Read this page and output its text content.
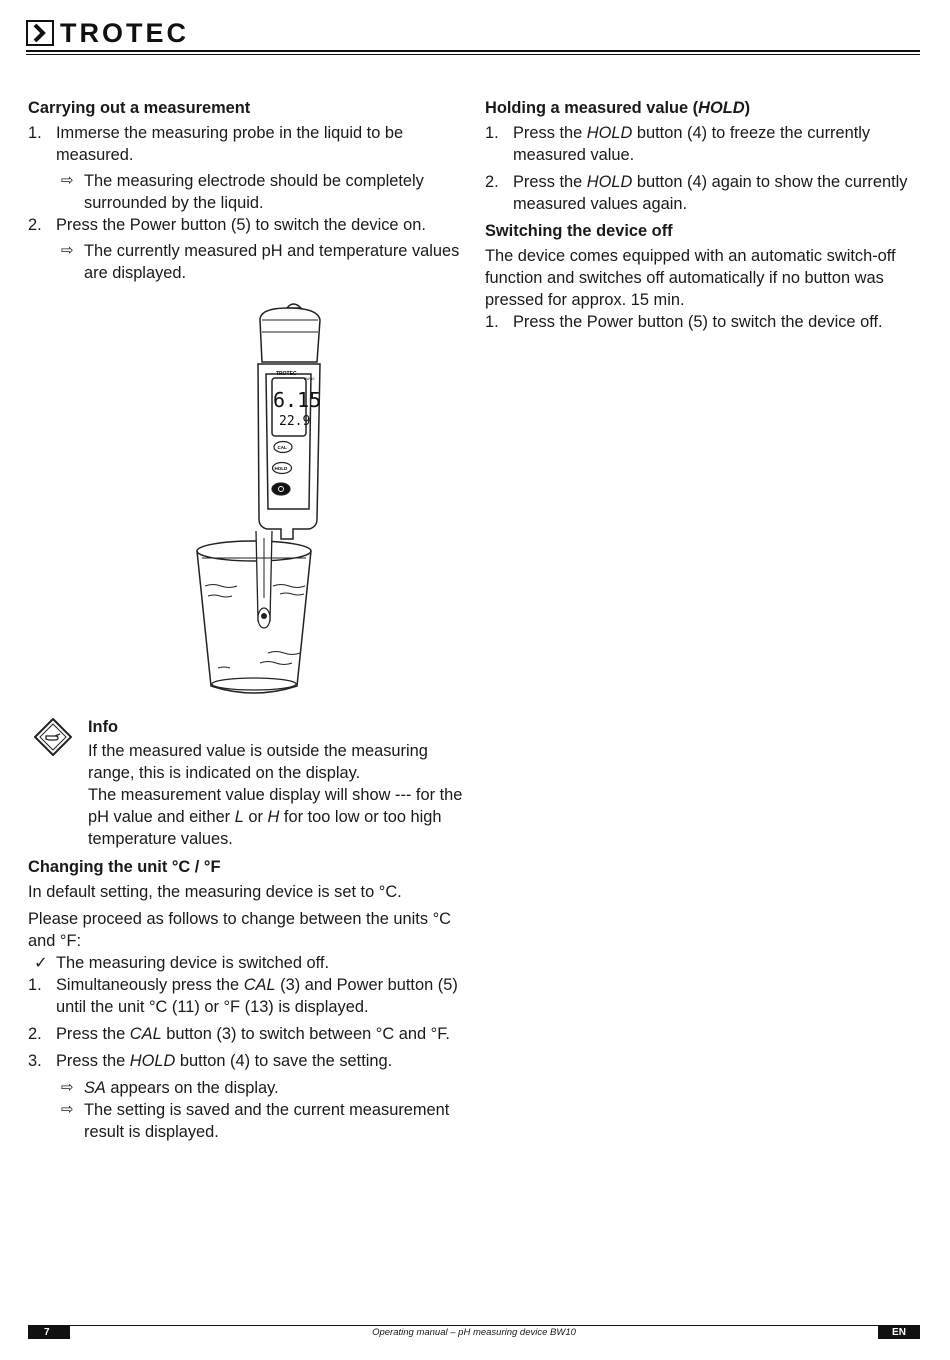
TROTEC
Carrying out a measurement
1. Immerse the measuring probe in the liquid to be measured.
⇨ The measuring electrode should be completely surrounded by the liquid.
2. Press the Power button (5) to switch the device on.
⇨ The currently measured pH and temperature values are displayed.
TROTEC
BW 10
6.15
22.9
CAL
HOLD
Info
If the measured value is outside the measuring range, this is indicated on the display.
The measurement value display will show --- for the pH value and either L or H for too low or too high temperature values.
Changing the unit °C / °F

In default setting, the measuring device is set to °C.

Please proceed as follows to change between the units °C and °F:

✓ The measuring device is switched off.
1. Simultaneously press the CAL (3) and Power button (5) until the unit °C (11) or °F (13) is displayed.
2. Press the CAL button (3) to switch between °C and °F.
3. Press the HOLD button (4) to save the setting.
⇨ SA appears on the display.
⇨ The setting is saved and the current measurement result is displayed.
Holding a measured value (HOLD)
1. Press the HOLD button (4) to freeze the currently measured value.
2. Press the HOLD button (4) again to show the currently measured values again.
Switching the device off

The device comes equipped with an automatic switch-off function and switches off automatically if no button was pressed for approx. 15 min.

1. Press the Power button (5) to switch the device off.
Operating manual – pH measuring device BW10
7	EN
